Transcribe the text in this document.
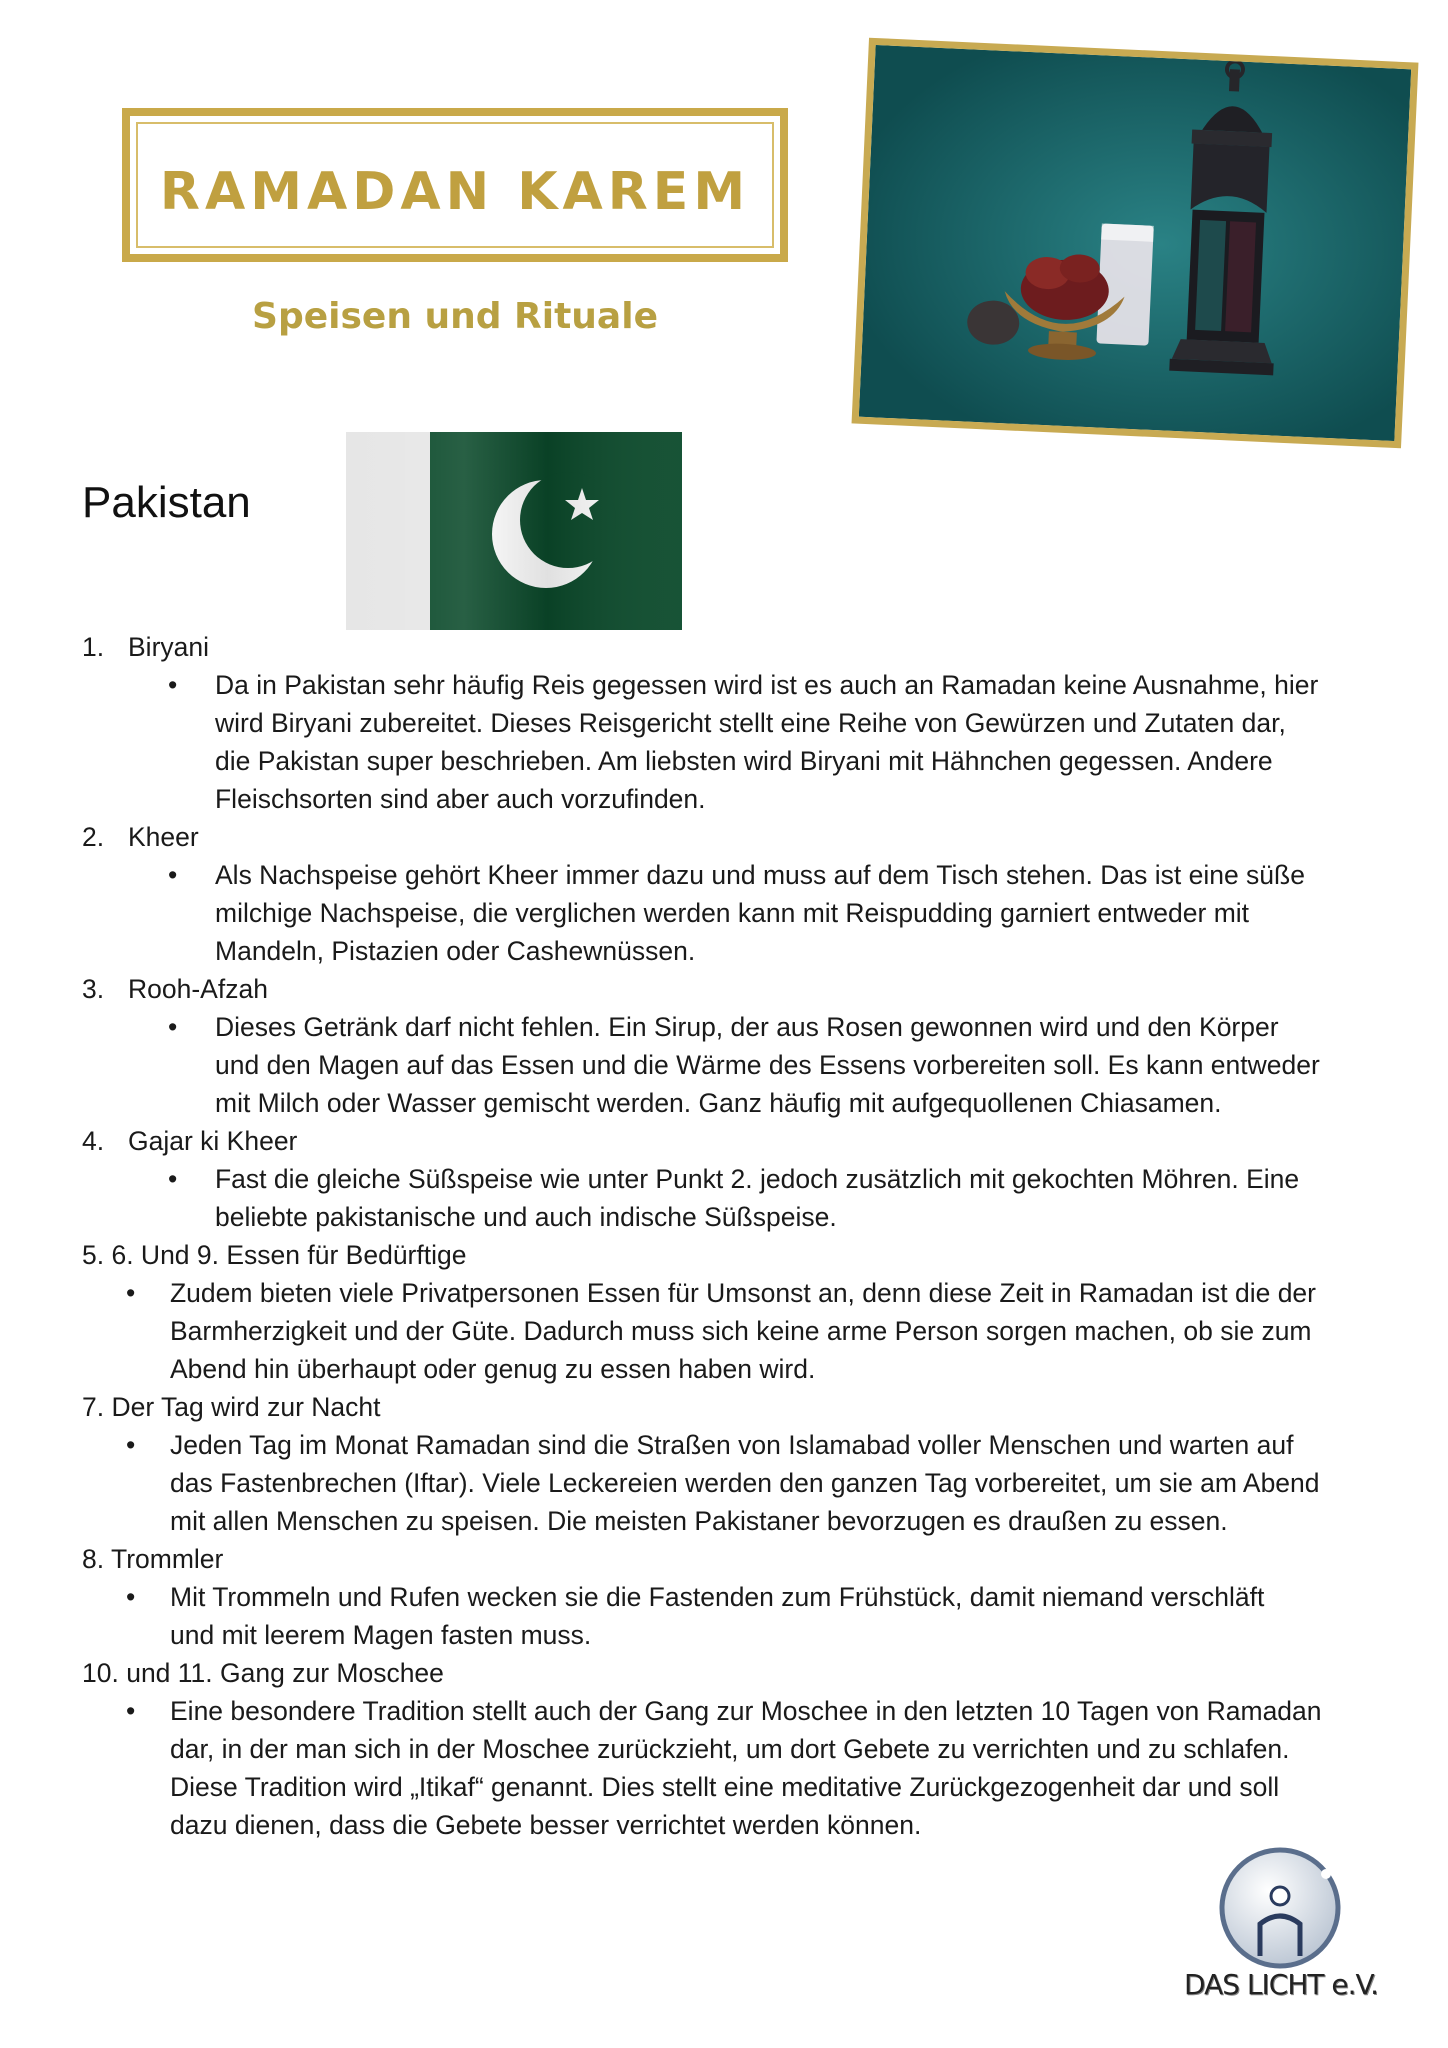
RAMADAN KAREM
Speisen und Rituale
Pakistan
1. Biryani
• Da in Pakistan sehr häufig Reis gegessen wird ist es auch an Ramadan keine Ausnahme, hier
wird Biryani zubereitet. Dieses Reisgericht stellt eine Reihe von Gewürzen und Zutaten dar,
die Pakistan super beschrieben. Am liebsten wird Biryani mit Hähnchen gegessen. Andere
Fleischsorten sind aber auch vorzufinden.
2. Kheer
• Als Nachspeise gehört Kheer immer dazu und muss auf dem Tisch stehen. Das ist eine süße
milchige Nachspeise, die verglichen werden kann mit Reispudding garniert entweder mit
Mandeln, Pistazien oder Cashewnüssen.
3. Rooh-Afzah
• Dieses Getränk darf nicht fehlen. Ein Sirup, der aus Rosen gewonnen wird und den Körper
und den Magen auf das Essen und die Wärme des Essens vorbereiten soll. Es kann entweder
mit Milch oder Wasser gemischt werden. Ganz häufig mit aufgequollenen Chiasamen.
4. Gajar ki Kheer
• Fast die gleiche Süßspeise wie unter Punkt 2. jedoch zusätzlich mit gekochten Möhren. Eine
beliebte pakistanische und auch indische Süßspeise.
5. 6. Und 9. Essen für Bedürftige
• Zudem bieten viele Privatpersonen Essen für Umsonst an, denn diese Zeit in Ramadan ist die der
Barmherzigkeit und der Güte. Dadurch muss sich keine arme Person sorgen machen, ob sie zum
Abend hin überhaupt oder genug zu essen haben wird.
7. Der Tag wird zur Nacht
• Jeden Tag im Monat Ramadan sind die Straßen von Islamabad voller Menschen und warten auf
das Fastenbrechen (Iftar). Viele Leckereien werden den ganzen Tag vorbereitet, um sie am Abend
mit allen Menschen zu speisen. Die meisten Pakistaner bevorzugen es draußen zu essen.
8. Trommler
• Mit Trommeln und Rufen wecken sie die Fastenden zum Frühstück, damit niemand verschläft
und mit leerem Magen fasten muss.
10. und 11. Gang zur Moschee
• Eine besondere Tradition stellt auch der Gang zur Moschee in den letzten 10 Tagen von Ramadan
dar, in der man sich in der Moschee zurückzieht, um dort Gebete zu verrichten und zu schlafen.
Diese Tradition wird „Itikaf“ genannt. Dies stellt eine meditative Zurückgezogenheit dar und soll
dazu dienen, dass die Gebete besser verrichtet werden können.
DAS LICHT e.V.
